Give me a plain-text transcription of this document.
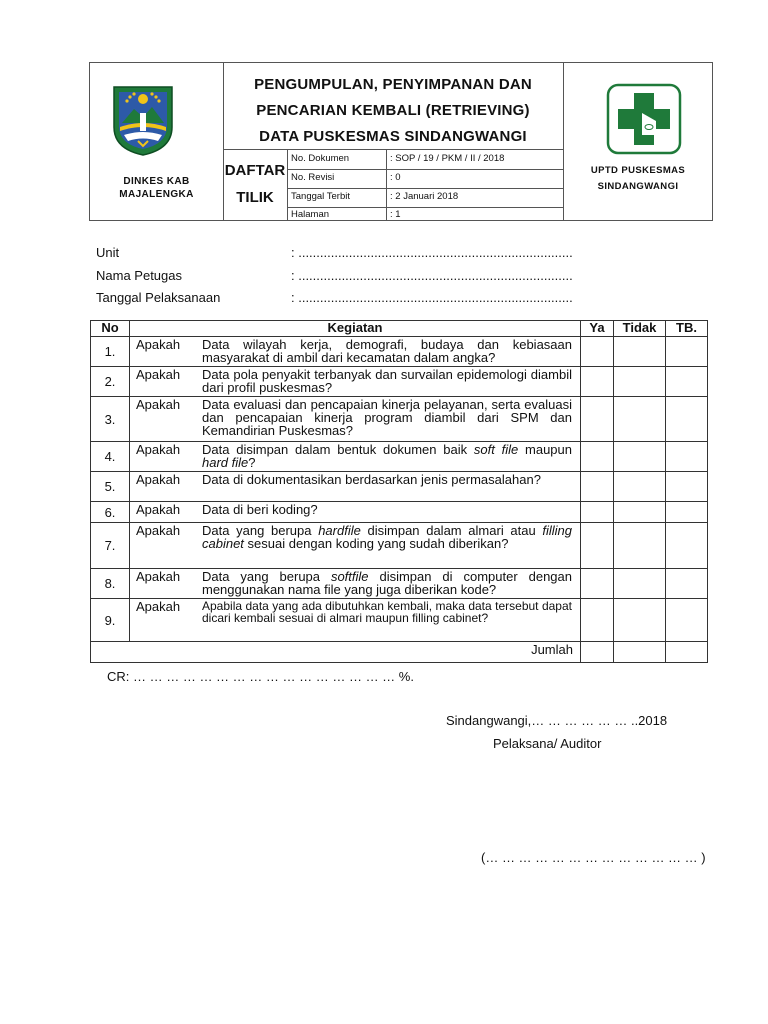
DINKES KAB
MAJALENGKA
PENGUMPULAN, PENYIMPANAN DAN
PENCARIAN KEMBALI (RETRIEVING)
DATA PUSKESMAS SINDANGWANGI
DAFTAR
TILIK
No. Dokumen	: SOP / 19 / PKM / II / 2018
No. Revisi	: 0
Tanggal Terbit	: 2 Januari 2018
Halaman	: 1
UPTD PUSKESMAS
SINDANGWANGI
Unit	: ............................................................................
Nama Petugas	: ............................................................................
Tanggal Pelaksanaan	: ............................................................................
No	Kegiatan	Ya	Tidak	TB.
1.	Apakah Data wilayah kerja, demografi, budaya dan kebiasaan masyarakat di ambil dari kecamatan dalam angka?			

2.	Apakah Data pola penyakit terbanyak dan survailan epidemologi diambil dari profil puskesmas?			

3.	Apakah Data evaluasi dan pencapaian kinerja pelayanan, serta evaluasi dan pencapaian kinerja program diambil dari SPM dan Kemandirian Puskesmas?			

4.	Apakah Data disimpan dalam bentuk dokumen baik soft file maupun hard file?			

5.	Apakah Data di dokumentasikan berdasarkan jenis permasalahan?			

6.	Apakah Data di beri koding?			

7.	Apakah Data yang berupa hardfile disimpan dalam almari atau filling cabinet sesuai dengan koding yang sudah diberikan?			

8.	Apakah Data yang berupa softfile disimpan di computer dengan menggunakan nama file yang juga diberikan kode?			

9.	Apakah Apabila data yang ada dibutuhkan kembali, maka data tersebut dapat dicari kembali sesuai di almari maupun filling cabinet?			

Jumlah				
CR: … … … … … … … … … … … … … … … … %.
Sindangwangi,… … … … … … ..2018
Pelaksana/ Auditor
(… … … … … … … … … … … … … )
